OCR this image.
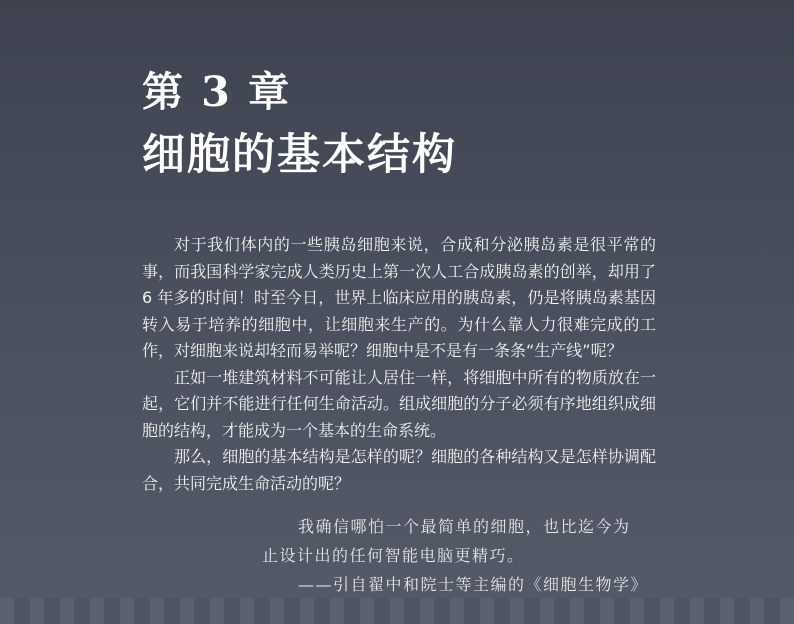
第 3 章
细胞的基本结构

对于我们体内的一些胰岛细胞来说，合成和分泌胰岛素是很平常的事，而我国科学家完成人类历史上第一次人工合成胰岛素的创举，却用了 6 年多的时间！时至今日，世界上临床应用的胰岛素，仍是将胰岛素基因转入易于培养的细胞中，让细胞来生产的。为什么靠人力很难完成的工作，对细胞来说却轻而易举呢？细胞中是不是有一条条“生产线”呢？

正如一堆建筑材料不可能让人居住一样，将细胞中所有的物质放在一起，它们并不能进行任何生命活动。组成细胞的分子必须有序地组织成细胞的结构，才能成为一个基本的生命系统。

那么，细胞的基本结构是怎样的呢？细胞的各种结构又是怎样协调配合，共同完成生命活动的呢？

我确信哪怕一个最简单的细胞，也比迄今为
止设计出的任何智能电脑更精巧。
——引自翟中和院士等主编的《细胞生物学》
